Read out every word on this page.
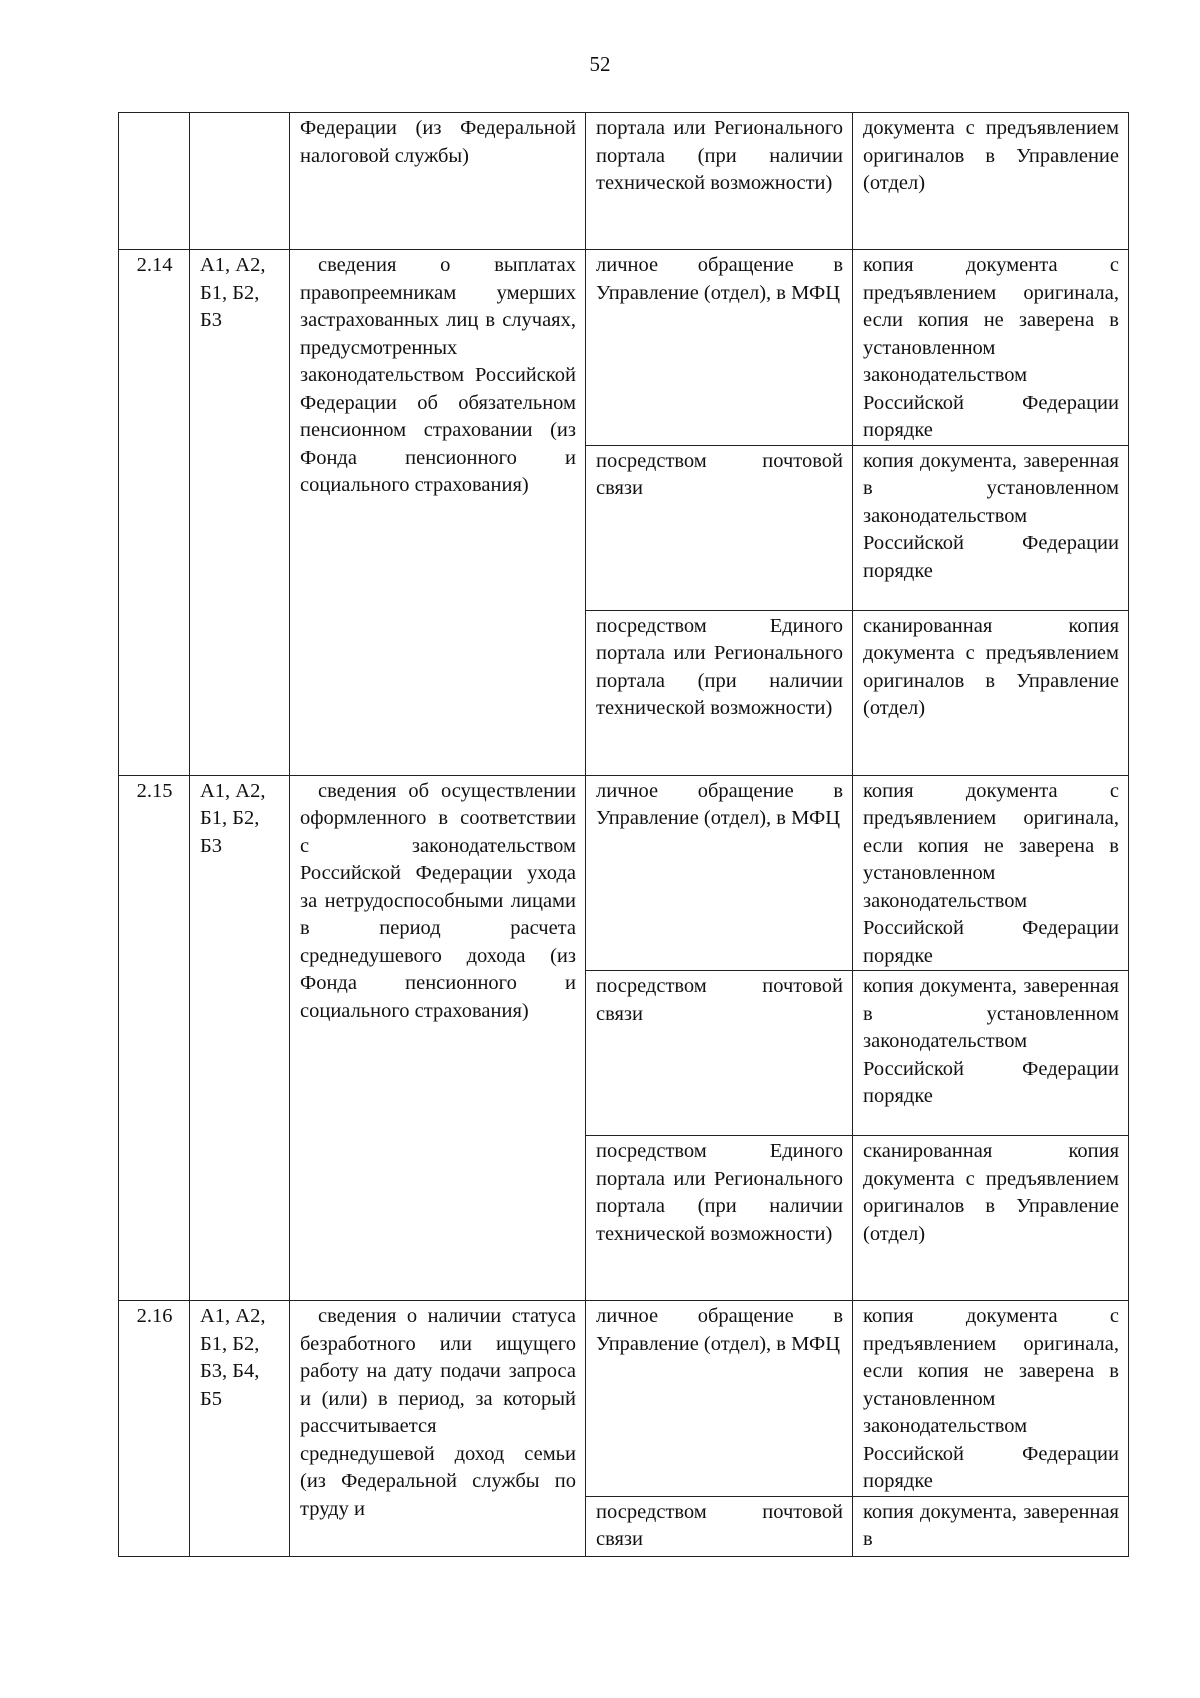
52

		Федерации (из Федеральной налоговой службы)	портала или Регионального портала (при наличии технической возможности)	документа с предъявлением оригиналов в Управление (отдел)

2.14	А1, А2, Б1, Б2, Б3	сведения о выплатах правопреемникам умерших застрахованных лиц в случаях, предусмотренных законодательством Российской Федерации об обязательном пенсионном страховании (из Фонда пенсионного и социального страхования)	личное обращение в Управление (отдел), в МФЦ	копия документа с предъявлением оригинала, если копия не заверена в установленном законодательством Российской Федерации порядке

			посредством почтовой связи	копия документа, заверенная в установленном законодательством Российской Федерации порядке

			посредством Единого портала или Регионального портала (при наличии технической возможности)	сканированная копия документа с предъявлением оригиналов в Управление (отдел)

2.15	А1, А2, Б1, Б2, Б3	сведения об осуществлении оформленного в соответствии с законодательством Российской Федерации ухода за нетрудоспособными лицами в период расчета среднедушевого дохода (из Фонда пенсионного и социального страхования)	личное обращение в Управление (отдел), в МФЦ	копия документа с предъявлением оригинала, если копия не заверена в установленном законодательством Российской Федерации порядке

			посредством почтовой связи	копия документа, заверенная в установленном законодательством Российской Федерации порядке

			посредством Единого портала или Регионального портала (при наличии технической возможности)	сканированная копия документа с предъявлением оригиналов в Управление (отдел)

2.16	А1, А2, Б1, Б2, Б3, Б4, Б5	сведения о наличии статуса безработного или ищущего работу на дату подачи запроса и (или) в период, за который рассчитывается среднедушевой доход семьи (из Федеральной службы по труду и	личное обращение в Управление (отдел), в МФЦ	копия документа с предъявлением оригинала, если копия не заверена в установленном законодательством Российской Федерации порядке

			посредством почтовой связи	копия документа, заверенная в
